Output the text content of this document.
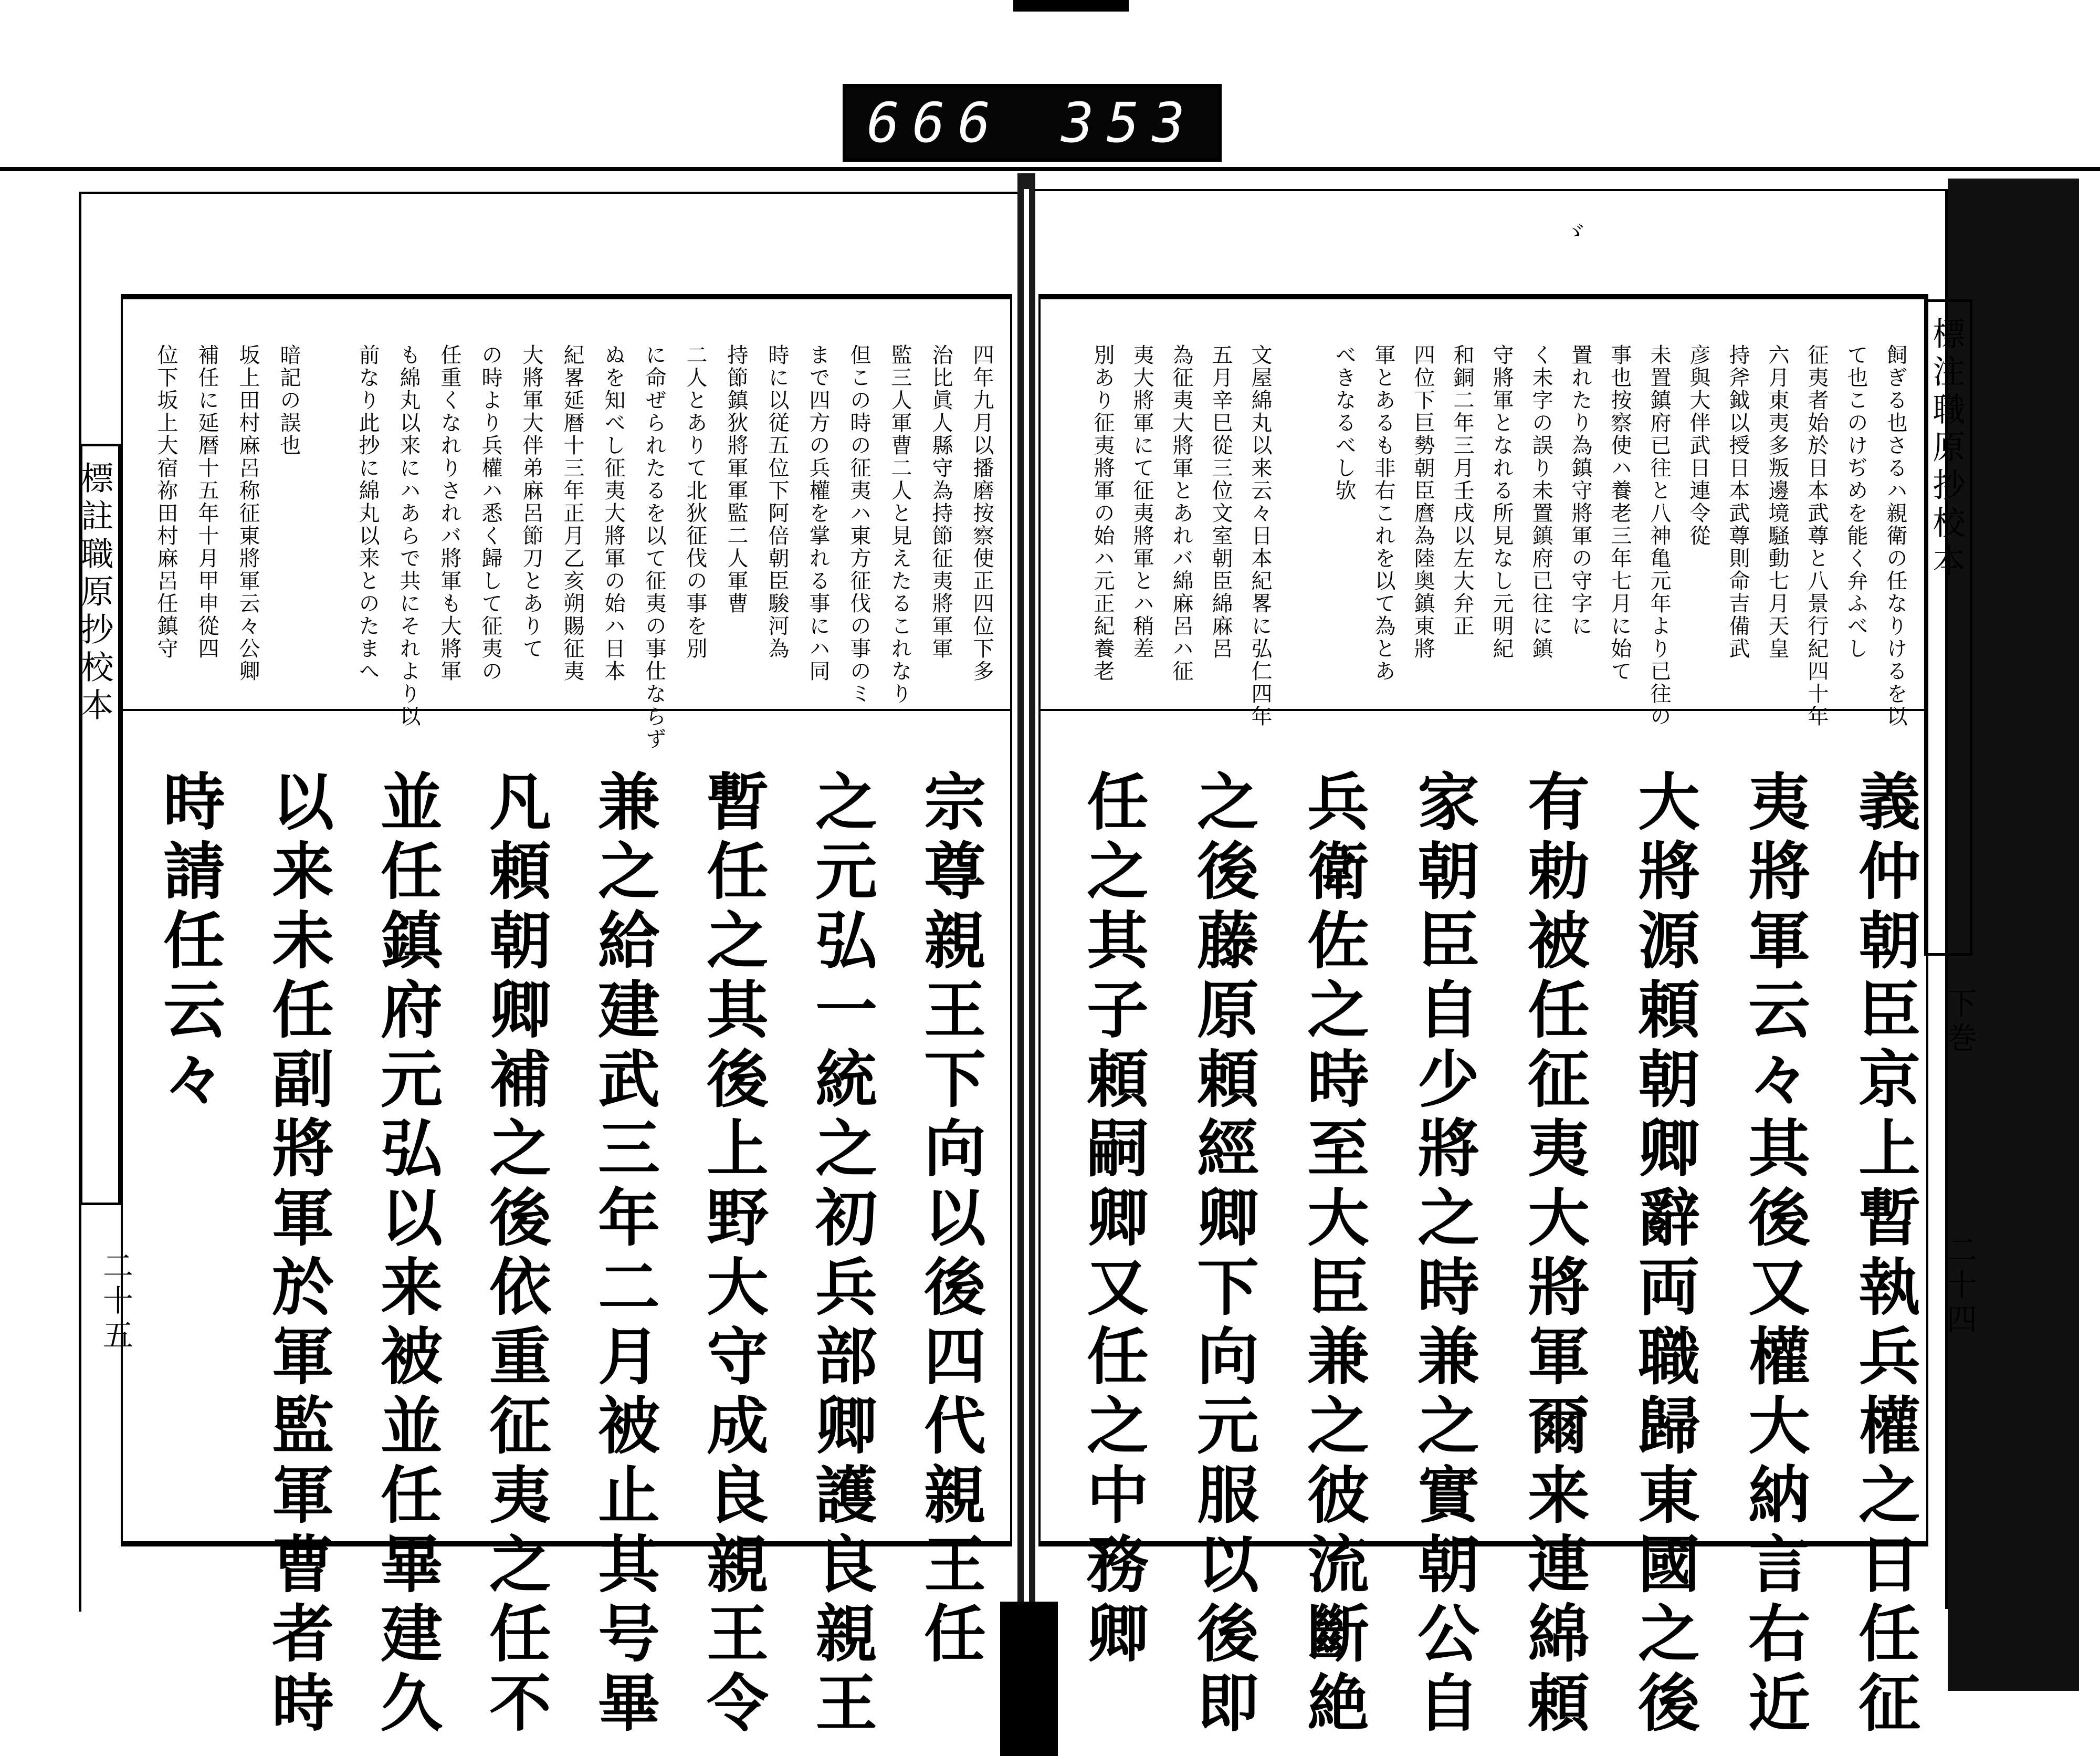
666 353
標註職原抄校本
二十五
四年九月以播磨按察使正四位下多
治比眞人縣守為持節征夷將軍軍
監三人軍曹二人と見えたるこれなり
但この時の征夷ハ東方征伐の事のミ
まで四方の兵權を掌れる事にハ同
時に以従五位下阿倍朝臣駿河為
持節鎮狄將軍軍監二人軍曹
二人とありて北狄征伐の事を別
に命ぜられたるを以て征夷の事仕ならず
ぬを知べし征夷大將軍の始ハ日本
紀畧延暦十三年正月乙亥朔賜征夷
大將軍大伴弟麻呂節刀とありて
の時より兵權ハ悉く歸して征夷の
任重くなれりされバ將軍も大將軍
も綿丸以来にハあらで共にそれより以
前なり此抄に綿丸以来とのたまへ
暗記の誤也
坂上田村麻呂称征東將軍云々公卿
補任に延暦十五年十月甲申從四
位下坂上大宿祢田村麻呂任鎮守
宗尊親王下向以後四代親王任
之元弘一統之初兵部卿護良親王
暫任之其後上野大守成良親王令
兼之給建武三年二月被止其号畢
凡頼朝卿補之後依重征夷之任不
並任鎮府元弘以来被並任畢建久
以来未任副將軍於軍監軍曹者時
時請任云々
ゞ
標注職原抄校本
下巻
二十四
飼ぎる也さるハ親衛の任なりけるを以
て也このけぢめを能く弁ふべし
征夷者始於日本武尊と八景行紀四十年
六月東夷多叛邊境騒動七月天皇
持斧鉞以授日本武尊則命吉備武
彦與大伴武日連令從
未置鎮府已往と八神亀元年より已往の
事也按察使ハ養老三年七月に始て
置れたり為鎮守將軍の守字に
く未字の誤り未置鎮府已往に鎮
守將軍となれる所見なし元明紀
和銅二年三月壬戌以左大弁正
四位下巨勢朝臣麿為陸奥鎮東將
軍とあるも非右これを以て為とあ
べきなるべし欤
文屋綿丸以来云々日本紀畧に弘仁四年
五月辛巳從三位文室朝臣綿麻呂
為征夷大將軍とあれバ綿麻呂ハ征
夷大將軍にて征夷將軍とハ稍差
別あり征夷將軍の始ハ元正紀養老
義仲朝臣京上暫執兵權之日任征
夷將軍云々其後又權大納言右近
大將源頼朝卿辭両職歸東國之後
有勅被任征夷大將軍爾来連綿頼
家朝臣自少將之時兼之實朝公自
兵衛佐之時至大臣兼之彼流斷絶
之後藤原頼經卿下向元服以後即
任之其子頼嗣卿又任之中務卿
